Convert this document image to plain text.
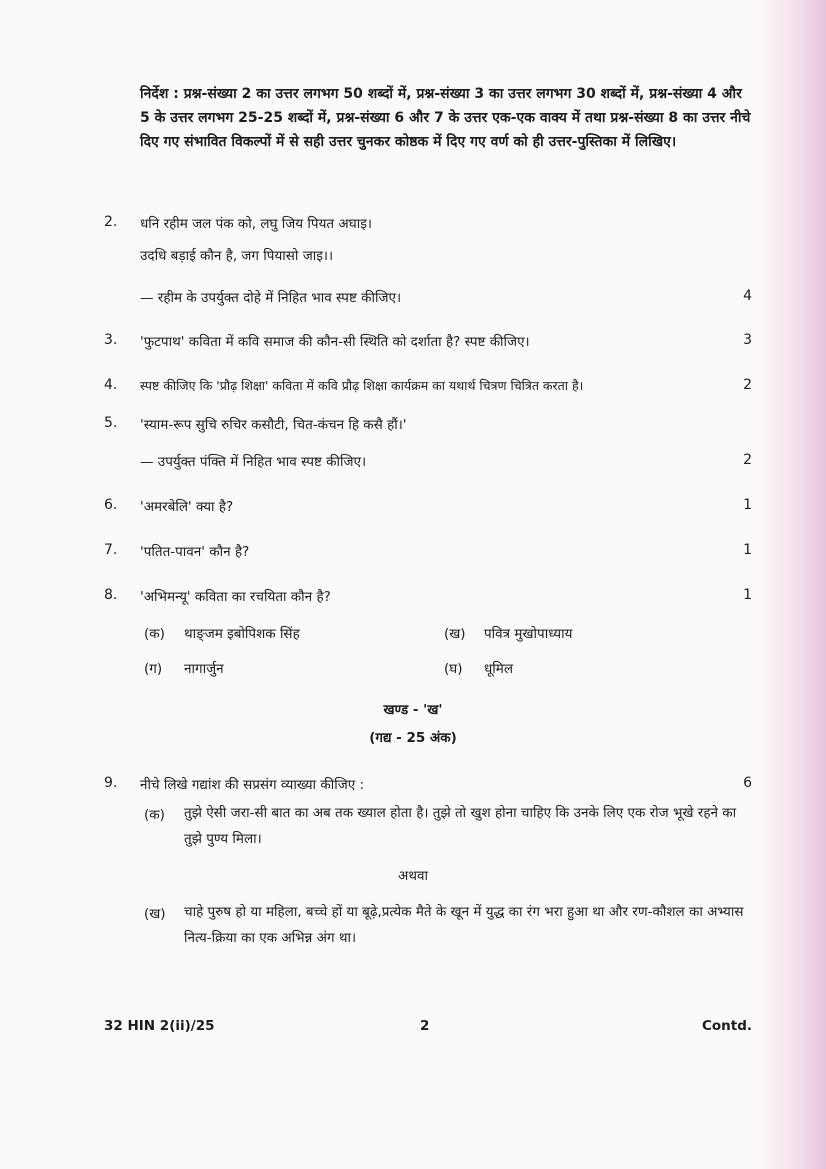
निर्देश : प्रश्न-संख्या 2 का उत्तर लगभग 50 शब्दों में, प्रश्न-संख्या 3 का उत्तर लगभग 30 शब्दों में, प्रश्न-संख्या 4 और 5 के उत्तर लगभग 25-25 शब्दों में, प्रश्न-संख्या 6 और 7 के उत्तर एक-एक वाक्य में तथा प्रश्न-संख्या 8 का उत्तर नीचे दिए गए संभावित विकल्पों में से सही उत्तर चुनकर कोष्ठक में दिए गए वर्ण को ही उत्तर-पुस्तिका में लिखिए।
2. धनि रहीम जल पंक को, लघु जिय पियत अघाइ।
उदधि बड़ाई कौन है, जग पियासो जाइ।।
— रहीम के उपर्युक्त दोहे में निहित भाव स्पष्ट कीजिए।	4
3. 'फुटपाथ' कविता में कवि समाज की कौन-सी स्थिति को दर्शाता है? स्पष्ट कीजिए।	3
4. स्पष्ट कीजिए कि 'प्रौढ़ शिक्षा' कविता में कवि प्रौढ़ शिक्षा कार्यक्रम का यथार्थ चित्रण चित्रित करता है।	2
5. 'स्याम-रूप सुचि रुचिर कसौटी, चित-कंचन हि कसै हौं।'
— उपर्युक्त पंक्ति में निहित भाव स्पष्ट कीजिए।	2
6. 'अमरबेलि' क्या है?	1
7. 'पतित-पावन' कौन है?	1
8. 'अभिमन्यू' कविता का रचयिता कौन है?	1
(क) थाङ्जम इबोपिशक सिंह	(ख) पवित्र मुखोपाध्याय
(ग) नागार्जुन	(घ) धूमिल
खण्ड - 'ख'
(गद्य - 25 अंक)
9. नीचे लिखे गद्यांश की सप्रसंग व्याख्या कीजिए :	6
(क) तुझे ऐसी जरा-सी बात का अब तक ख्याल होता है। तुझे तो खुश होना चाहिए कि उनके लिए एक रोज भूखे रहने का तुझे पुण्य मिला।
अथवा
(ख) चाहे पुरुष हो या महिला, बच्चे हों या बूढ़े,प्रत्येक मैते के खून में युद्ध का रंग भरा हुआ था और रण-कौशल का अभ्यास नित्य-क्रिया का एक अभिन्न अंग था।
32 HIN 2(ii)/25	2	Contd.
